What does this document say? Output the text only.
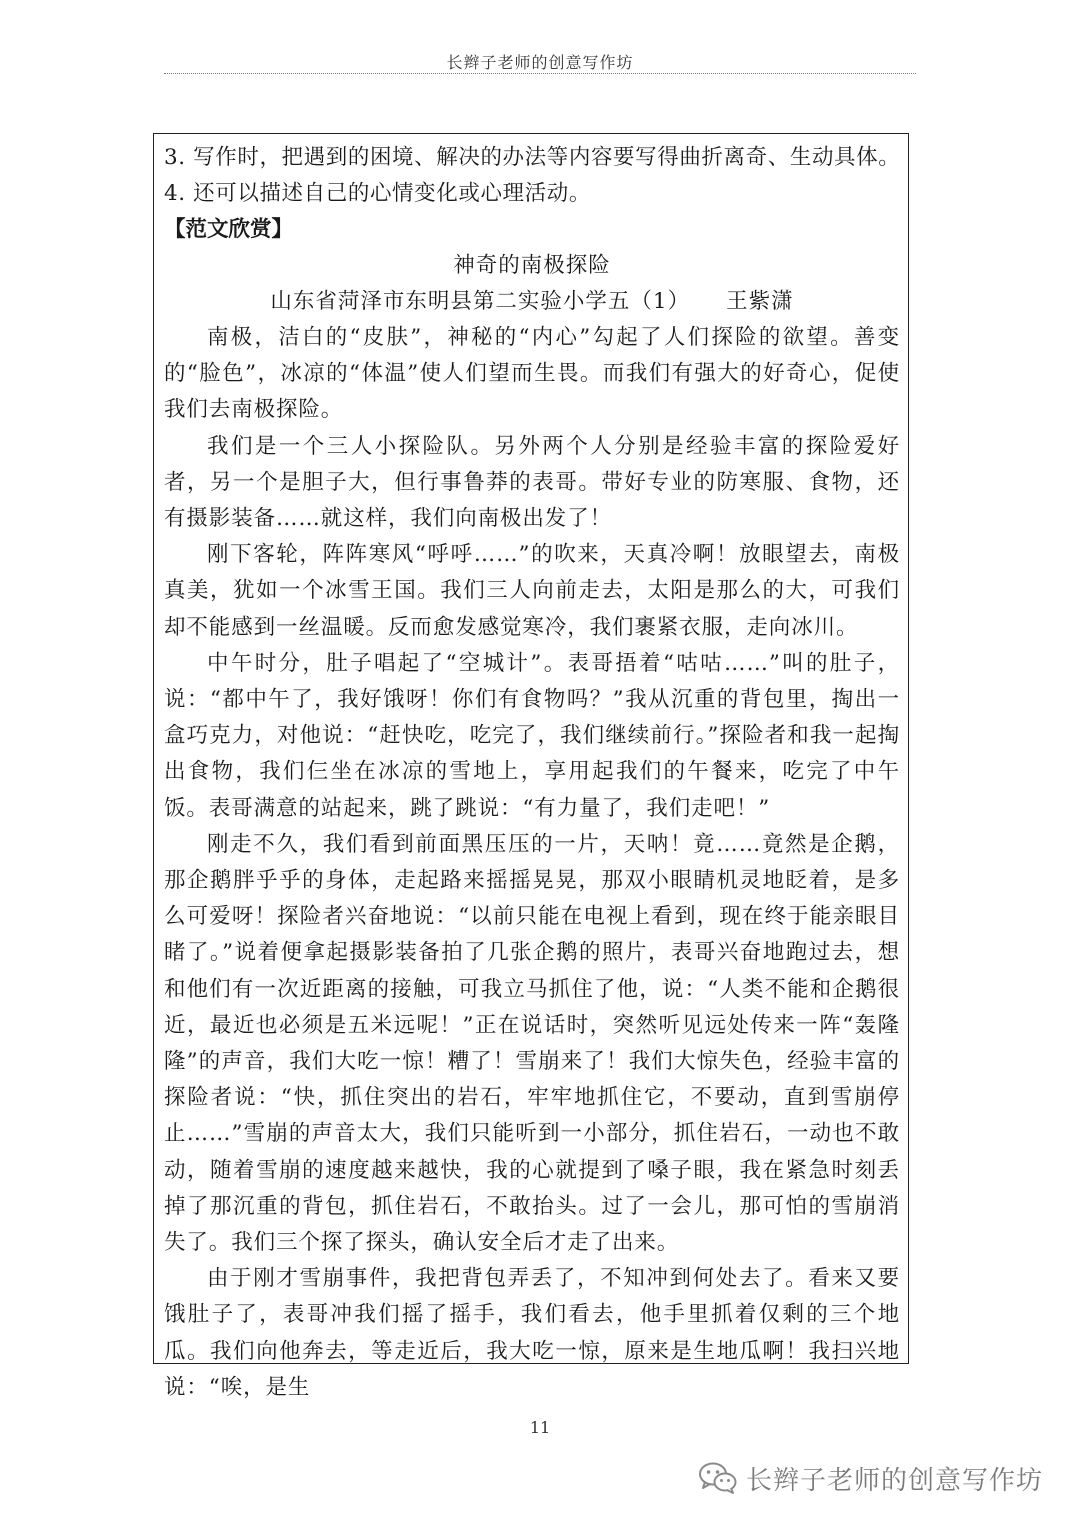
长辫子老师的创意写作坊
3. 写作时，把遇到的困境、解决的办法等内容要写得曲折离奇、生动具体。
4. 还可以描述自己的心情变化或心理活动。
【范文欣赏】
神奇的南极探险
山东省菏泽市东明县第二实验小学五（1） 王紫潇

南极，洁白的“皮肤”，神秘的“内心”勾起了人们探险的欲望。善变的“脸色”，冰凉的“体温”使人们望而生畏。而我们有强大的好奇心，促使我们去南极探险。

我们是一个三人小探险队。另外两个人分别是经验丰富的探险爱好者，另一个是胆子大，但行事鲁莽的表哥。带好专业的防寒服、食物，还有摄影装备……就这样，我们向南极出发了！

刚下客轮，阵阵寒风“呼呼……”的吹来，天真冷啊！放眼望去，南极真美，犹如一个冰雪王国。我们三人向前走去，太阳是那么的大，可我们却不能感到一丝温暖。反而愈发感觉寒冷，我们裹紧衣服，走向冰川。

中午时分，肚子唱起了“空城计”。表哥捂着“咕咕……”叫的肚子，说：“都中午了，我好饿呀！你们有食物吗？”我从沉重的背包里，掏出一盒巧克力，对他说：“赶快吃，吃完了，我们继续前行。”探险者和我一起掏出食物，我们仨坐在冰凉的雪地上，享用起我们的午餐来，吃完了中午饭。表哥满意的站起来，跳了跳说：“有力量了，我们走吧！”

刚走不久，我们看到前面黑压压的一片，天呐！竟……竟然是企鹅，那企鹅胖乎乎的身体，走起路来摇摇晃晃，那双小眼睛机灵地眨着，是多么可爱呀！探险者兴奋地说：“以前只能在电视上看到，现在终于能亲眼目睹了。”说着便拿起摄影装备拍了几张企鹅的照片，表哥兴奋地跑过去，想和他们有一次近距离的接触，可我立马抓住了他，说：“人类不能和企鹅很近，最近也必须是五米远呢！”正在说话时，突然听见远处传来一阵“轰隆隆”的声音，我们大吃一惊！糟了！雪崩来了！我们大惊失色，经验丰富的探险者说：“快，抓住突出的岩石，牢牢地抓住它，不要动，直到雪崩停止……”雪崩的声音太大，我们只能听到一小部分，抓住岩石，一动也不敢动，随着雪崩的速度越来越快，我的心就提到了嗓子眼，我在紧急时刻丢掉了那沉重的背包，抓住岩石，不敢抬头。过了一会儿，那可怕的雪崩消失了。我们三个探了探头，确认安全后才走了出来。

由于刚才雪崩事件，我把背包弄丢了，不知冲到何处去了。看来又要饿肚子了，表哥冲我们摇了摇手，我们看去，他手里抓着仅剩的三个地瓜。我们向他奔去，等走近后，我大吃一惊，原来是生地瓜啊！我扫兴地说：“唉，是生

11
长辫子老师的创意写作坊
